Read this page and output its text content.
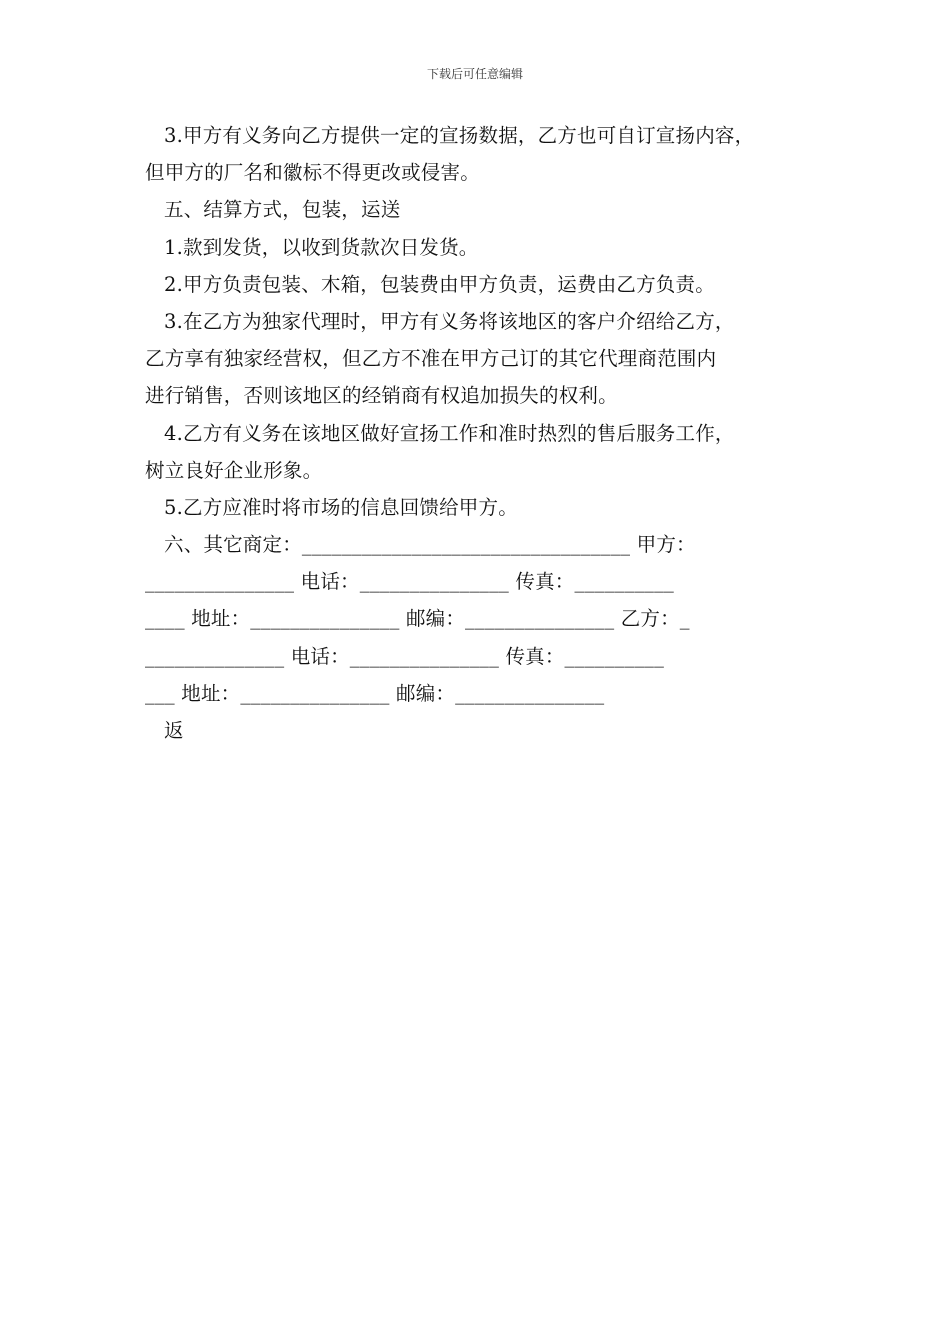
下载后可任意编辑
3.甲方有义务向乙方提供一定的宣扬数据，乙方也可自订宣扬内容，
但甲方的厂名和徽标不得更改或侵害。
五、结算方式，包装，运送
1.款到发货，以收到货款次日发货。
2.甲方负责包装、木箱，包装费由甲方负责，运费由乙方负责。
3.在乙方为独家代理时，甲方有义务将该地区的客户介绍给乙方，
乙方享有独家经营权，但乙方不准在甲方己订的其它代理商范围内
进行销售，否则该地区的经销商有权追加损失的权利。
4.乙方有义务在该地区做好宣扬工作和准时热烈的售后服务工作，
树立良好企业形象。
5.乙方应准时将市场的信息回馈给甲方。
六、其它商定：_________________________________ 甲方：
_______________ 电话：_______________ 传真：__________
____ 地址：_______________ 邮编：_______________ 乙方：_
______________ 电话：_______________ 传真：__________
___ 地址：_______________ 邮编：_______________
返
